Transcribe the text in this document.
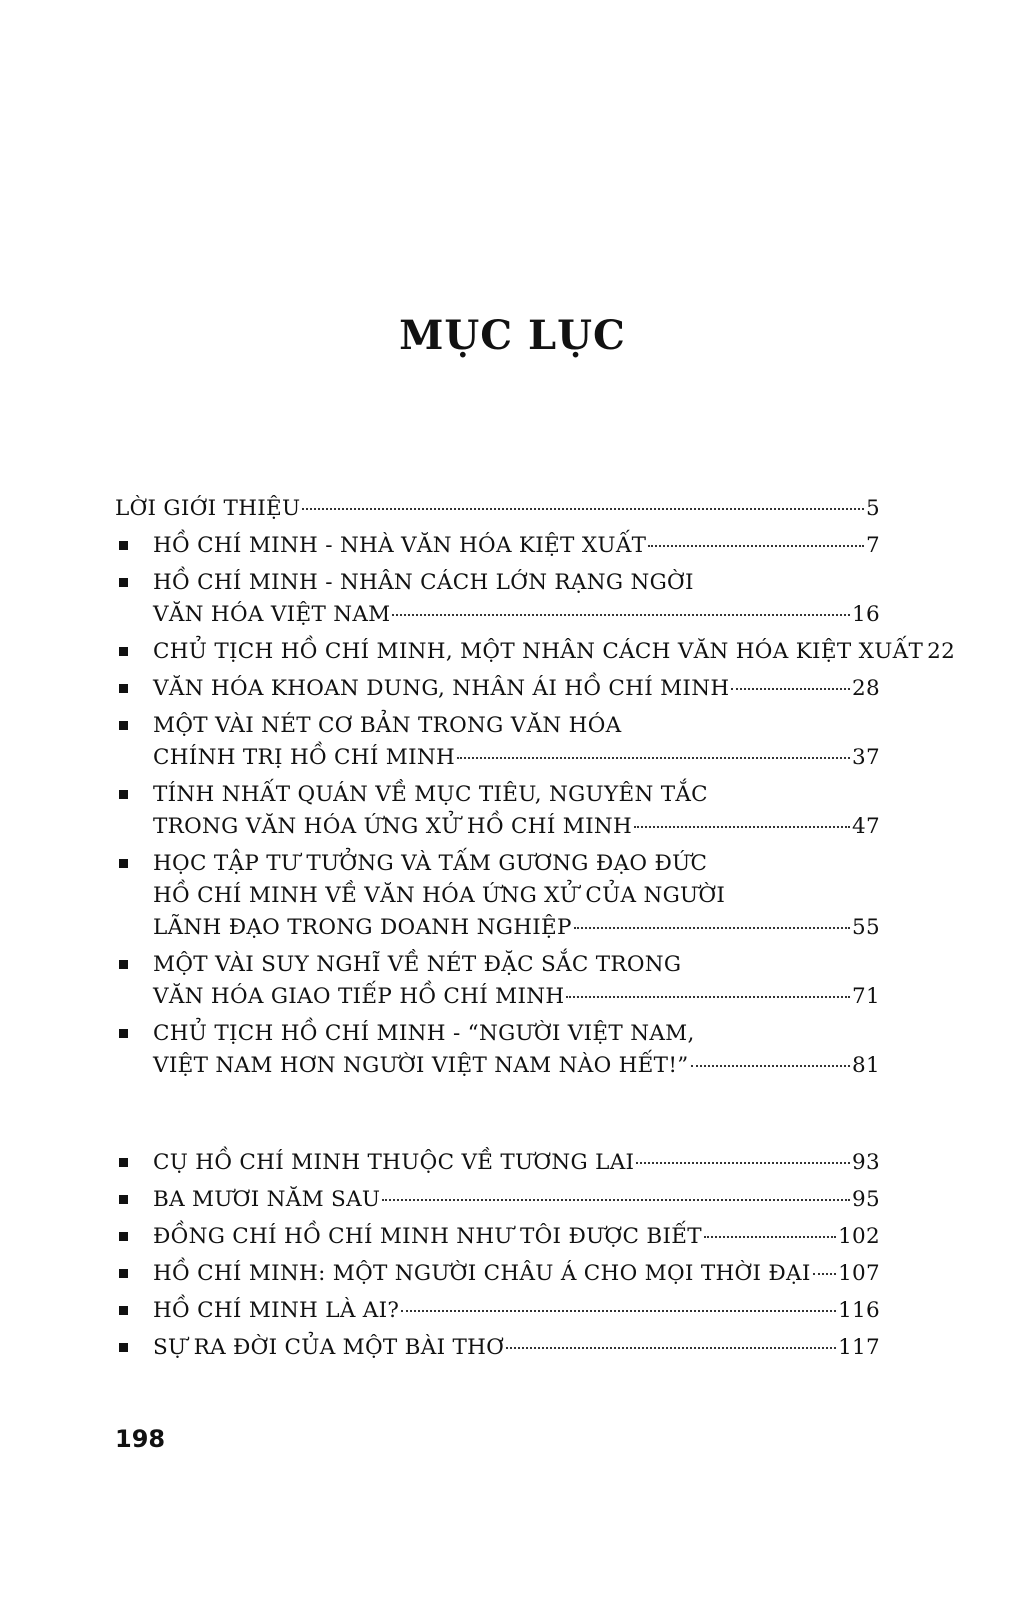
MỤC LỤC
LỜI GIỚI THIỆU	5
HỒ CHÍ MINH - NHÀ VĂN HÓA KIỆT XUẤT	7
HỒ CHÍ MINH - NHÂN CÁCH LỚN RẠNG NGỜI
VĂN HÓA VIỆT NAM	16
CHỦ TỊCH HỒ CHÍ MINH, MỘT NHÂN CÁCH VĂN HÓA KIỆT XUẤT 22
VĂN HÓA KHOAN DUNG, NHÂN ÁI HỒ CHÍ MINH	28
MỘT VÀI NÉT CƠ BẢN TRONG VĂN HÓA
CHÍNH TRỊ HỒ CHÍ MINH	37
TÍNH NHẤT QUÁN VỀ MỤC TIÊU, NGUYÊN TẮC
TRONG VĂN HÓA ỨNG XỬ HỒ CHÍ MINH	47
HỌC TẬP TƯ TƯỞNG VÀ TẤM GƯƠNG ĐẠO ĐỨC
HỒ CHÍ MINH VỀ VĂN HÓA ỨNG XỬ CỦA NGƯỜI
LÃNH ĐẠO TRONG DOANH NGHIỆP	55
MỘT VÀI SUY NGHĨ VỀ NÉT ĐẶC SẮC TRONG
VĂN HÓA GIAO TIẾP HỒ CHÍ MINH	71
CHỦ TỊCH HỒ CHÍ MINH - “NGƯỜI VIỆT NAM,
VIỆT NAM HƠN NGƯỜI VIỆT NAM NÀO HẾT!”	81
CỤ HỒ CHÍ MINH THUỘC VỀ TƯƠNG LAI	93
BA MƯƠI NĂM SAU	95
ĐỒNG CHÍ HỒ CHÍ MINH NHƯ TÔI ĐƯỢC BIẾT	102
HỒ CHÍ MINH: MỘT NGƯỜI CHÂU Á CHO MỌI THỜI ĐẠI 107
HỒ CHÍ MINH LÀ AI?	116
SỰ RA ĐỜI CỦA MỘT BÀI THƠ	117

198
